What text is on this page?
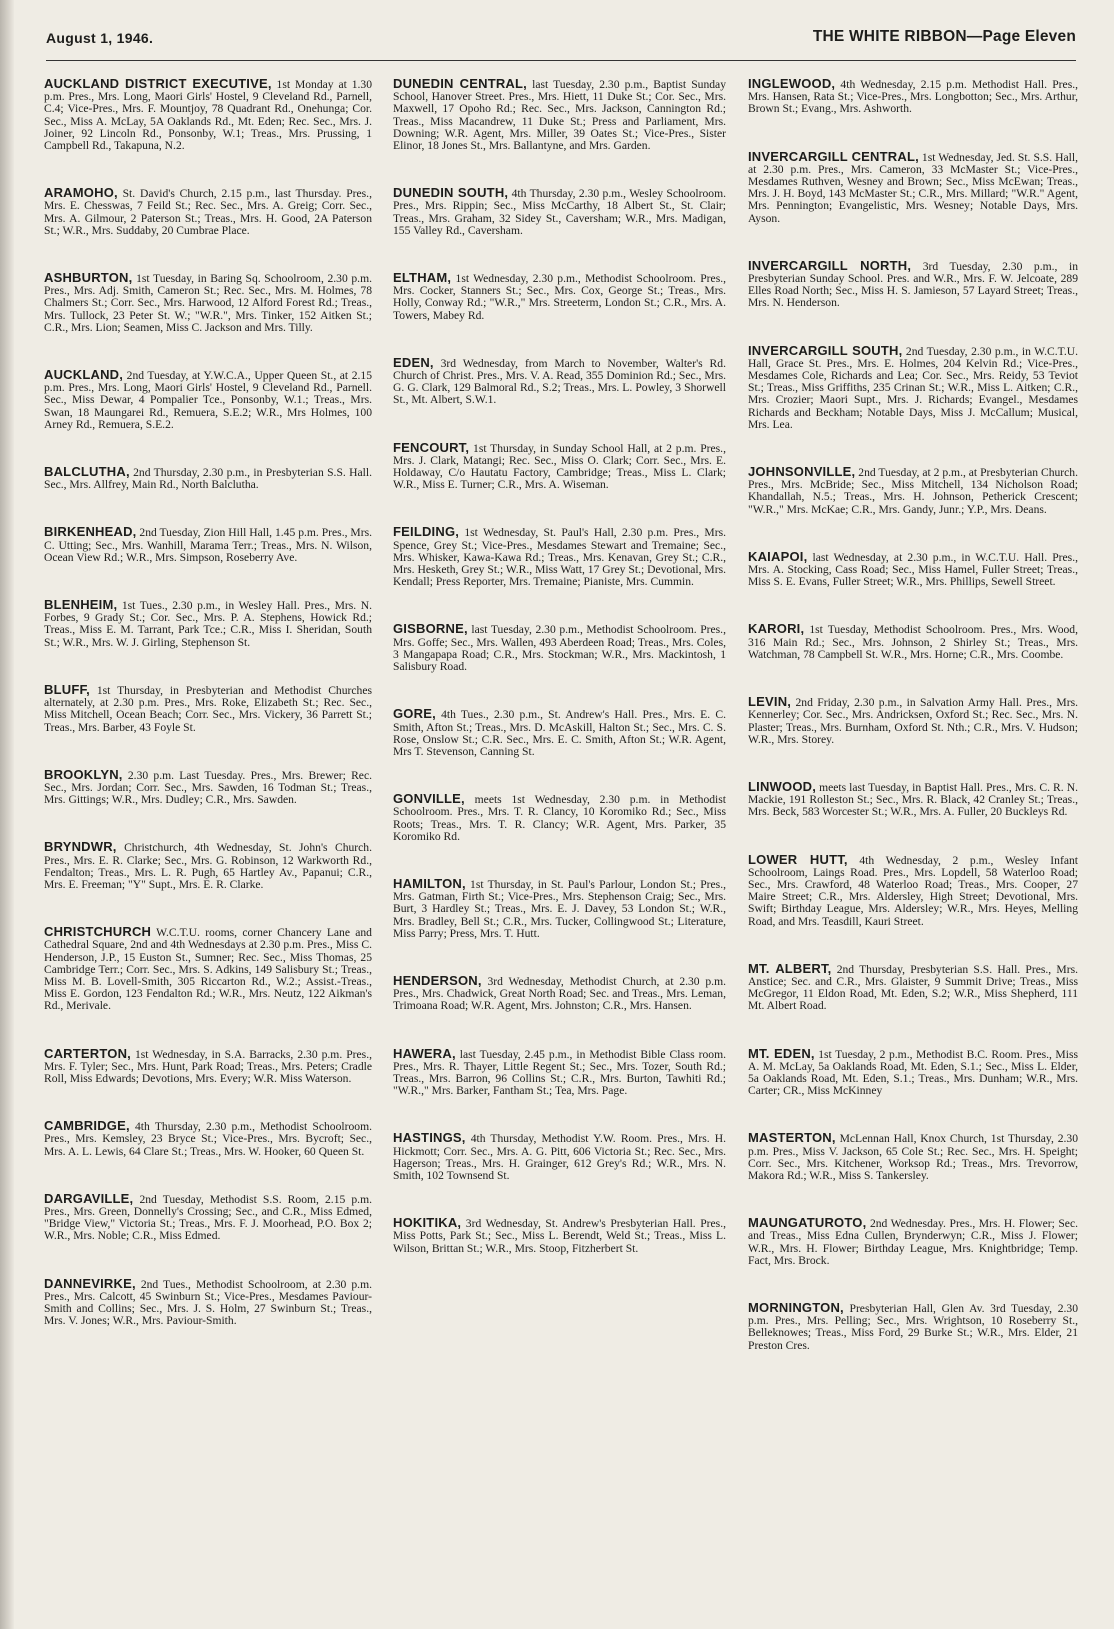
August 1, 1946.	THE WHITE RIBBON—Page Eleven

AUCKLAND DISTRICT EXECUTIVE, 1st Monday at 1.30 p.m. Pres., Mrs. Long, Maori Girls' Hostel, 9 Cleveland Rd., Parnell, C.4; Vice-Pres., Mrs. F. Mountjoy, 78 Quadrant Rd., Onehunga; Cor. Sec., Miss A. McLay, 5A Oaklands Rd., Mt. Eden; Rec. Sec., Mrs. J. Joiner, 92 Lincoln Rd., Ponsonby, W.1; Treas., Mrs. Prussing, 1 Campbell Rd., Takapuna, N.2.

ARAMOHO, St. David's Church, 2.15 p.m., last Thursday. Pres., Mrs. E. Chesswas, 7 Feild St.; Rec. Sec., Mrs. A. Greig; Corr. Sec., Mrs. A. Gilmour, 2 Paterson St.; Treas., Mrs. H. Good, 2A Paterson St.; W.R., Mrs. Suddaby, 20 Cumbrae Place.

ASHBURTON, 1st Tuesday, in Baring Sq. Schoolroom, 2.30 p.m. Pres., Mrs. Adj. Smith, Cameron St.; Rec. Sec., Mrs. M. Holmes, 78 Chalmers St.; Corr. Sec., Mrs. Harwood, 12 Alford Forest Rd.; Treas., Mrs. Tullock, 23 Peter St. W.; "W.R.", Mrs. Tinker, 152 Aitken St.; C.R., Mrs. Lion; Seamen, Miss C. Jackson and Mrs. Tilly.

AUCKLAND, 2nd Tuesday, at Y.W.C.A., Upper Queen St., at 2.15 p.m. Pres., Mrs. Long, Maori Girls' Hostel, 9 Cleveland Rd., Parnell. Sec., Miss Dewar, 4 Pompalier Tce., Ponsonby, W.1.; Treas., Mrs. Swan, 18 Maungarei Rd., Remuera, S.E.2; W.R., Mrs Holmes, 100 Arney Rd., Remuera, S.E.2.

BALCLUTHA, 2nd Thursday, 2.30 p.m., in Presbyterian S.S. Hall. Sec., Mrs. Allfrey, Main Rd., North Balclutha.

BIRKENHEAD, 2nd Tuesday, Zion Hill Hall, 1.45 p.m. Pres., Mrs. C. Utting; Sec., Mrs. Wanhill, Marama Terr.; Treas., Mrs. N. Wilson, Ocean View Rd.; W.R., Mrs. Simpson, Roseberry Ave.

BLENHEIM, 1st Tues., 2.30 p.m., in Wesley Hall. Pres., Mrs. N. Forbes, 9 Grady St.; Cor. Sec., Mrs. P. A. Stephens, Howick Rd.; Treas., Miss E. M. Tarrant, Park Tce.; C.R., Miss I. Sheridan, South St.; W.R., Mrs. W. J. Girling, Stephenson St.

BLUFF, 1st Thursday, in Presbyterian and Methodist Churches alternately, at 2.30 p.m. Pres., Mrs. Roke, Elizabeth St.; Rec. Sec., Miss Mitchell, Ocean Beach; Corr. Sec., Mrs. Vickery, 36 Parrett St.; Treas., Mrs. Barber, 43 Foyle St.

BROOKLYN, 2.30 p.m. Last Tuesday. Pres., Mrs. Brewer; Rec. Sec., Mrs. Jordan; Corr. Sec., Mrs. Sawden, 16 Todman St.; Treas., Mrs. Gittings; W.R., Mrs. Dudley; C.R., Mrs. Sawden.

BRYNDWR, Christchurch, 4th Wednesday, St. John's Church. Pres., Mrs. E. R. Clarke; Sec., Mrs. G. Robinson, 12 Warkworth Rd., Fendalton; Treas., Mrs. L. R. Pugh, 65 Hartley Av., Papanui; C.R., Mrs. E. Freeman; "Y" Supt., Mrs. E. R. Clarke.

CHRISTCHURCH W.C.T.U. rooms, corner Chancery Lane and Cathedral Square, 2nd and 4th Wednesdays at 2.30 p.m. Pres., Miss C. Henderson, J.P., 15 Euston St., Sumner; Rec. Sec., Miss Thomas, 25 Cambridge Terr.; Corr. Sec., Mrs. S. Adkins, 149 Salisbury St.; Treas., Miss M. B. Lovell-Smith, 305 Riccarton Rd., W.2.; Assist.-Treas., Miss E. Gordon, 123 Fendalton Rd.; W.R., Mrs. Neutz, 122 Aikman's Rd., Merivale.

CARTERTON, 1st Wednesday, in S.A. Barracks, 2.30 p.m. Pres., Mrs. F. Tyler; Sec., Mrs. Hunt, Park Road; Treas., Mrs. Peters; Cradle Roll, Miss Edwards; Devotions, Mrs. Every; W.R. Miss Waterson.

CAMBRIDGE, 4th Thursday, 2.30 p.m., Methodist Schoolroom. Pres., Mrs. Kemsley, 23 Bryce St.; Vice-Pres., Mrs. Bycroft; Sec., Mrs. A. L. Lewis, 64 Clare St.; Treas., Mrs. W. Hooker, 60 Queen St.

DARGAVILLE, 2nd Tuesday, Methodist S.S. Room, 2.15 p.m. Pres., Mrs. Green, Donnelly's Crossing; Sec., and C.R., Miss Edmed, "Bridge View," Victoria St.; Treas., Mrs. F. J. Moorhead, P.O. Box 2; W.R., Mrs. Noble; C.R., Miss Edmed.

DANNEVIRKE, 2nd Tues., Methodist Schoolroom, at 2.30 p.m. Pres., Mrs. Calcott, 45 Swinburn St.; Vice-Pres., Mesdames Paviour-Smith and Collins; Sec., Mrs. J. S. Holm, 27 Swinburn St.; Treas., Mrs. V. Jones; W.R., Mrs. Paviour-Smith.

DUNEDIN CENTRAL, last Tuesday, 2.30 p.m., Baptist Sunday School, Hanover Street. Pres., Mrs. Hiett, 11 Duke St.; Cor. Sec., Mrs. Maxwell, 17 Opoho Rd.; Rec. Sec., Mrs. Jackson, Cannington Rd.; Treas., Miss Macandrew, 11 Duke St.; Press and Parliament, Mrs. Downing; W.R. Agent, Mrs. Miller, 39 Oates St.; Vice-Pres., Sister Elinor, 18 Jones St., Mrs. Ballantyne, and Mrs. Garden.

DUNEDIN SOUTH, 4th Thursday, 2.30 p.m., Wesley Schoolroom. Pres., Mrs. Rippin; Sec., Miss McCarthy, 18 Albert St., St. Clair; Treas., Mrs. Graham, 32 Sidey St., Caversham; W.R., Mrs. Madigan, 155 Valley Rd., Caversham.

ELTHAM, 1st Wednesday, 2.30 p.m., Methodist Schoolroom. Pres., Mrs. Cocker, Stanners St.; Sec., Mrs. Cox, George St.; Treas., Mrs. Holly, Conway Rd.; "W.R.," Mrs. Streeterm, London St.; C.R., Mrs. A. Towers, Mabey Rd.

EDEN, 3rd Wednesday, from March to November, Walter's Rd. Church of Christ. Pres., Mrs. V. A. Read, 355 Dominion Rd.; Sec., Mrs. G. G. Clark, 129 Balmoral Rd., S.2; Treas., Mrs. L. Powley, 3 Shorwell St., Mt. Albert, S.W.1.

FENCOURT, 1st Thursday, in Sunday School Hall, at 2 p.m. Pres., Mrs. J. Clark, Matangi; Rec. Sec., Miss O. Clark; Corr. Sec., Mrs. E. Holdaway, C/o Hautatu Factory, Cambridge; Treas., Miss L. Clark; W.R., Miss E. Turner; C.R., Mrs. A. Wiseman.

FEILDING, 1st Wednesday, St. Paul's Hall, 2.30 p.m. Pres., Mrs. Spence, Grey St.; Vice-Pres., Mesdames Stewart and Tremaine; Sec., Mrs. Whisker, Kawa-Kawa Rd.; Treas., Mrs. Kenavan, Grey St.; C.R., Mrs. Hesketh, Grey St.; W.R., Miss Watt, 17 Grey St.; Devotional, Mrs. Kendall; Press Reporter, Mrs. Tremaine; Pianiste, Mrs. Cummin.

GISBORNE, last Tuesday, 2.30 p.m., Methodist Schoolroom. Pres., Mrs. Goffe; Sec., Mrs. Wallen, 493 Aberdeen Road; Treas., Mrs. Coles, 3 Mangapapa Road; C.R., Mrs. Stockman; W.R., Mrs. Mackintosh, 1 Salisbury Road.

GORE, 4th Tues., 2.30 p.m., St. Andrew's Hall. Pres., Mrs. E. C. Smith, Afton St.; Treas., Mrs. D. McAskill, Halton St.; Sec., Mrs. C. S. Rose, Onslow St.; C.R. Sec., Mrs. E. C. Smith, Afton St.; W.R. Agent, Mrs T. Stevenson, Canning St.

GONVILLE, meets 1st Wednesday, 2.30 p.m. in Methodist Schoolroom. Pres., Mrs. T. R. Clancy, 10 Koromiko Rd.; Sec., Miss Roots; Treas., Mrs. T. R. Clancy; W.R. Agent, Mrs. Parker, 35 Koromiko Rd.

HAMILTON, 1st Thursday, in St. Paul's Parlour, London St.; Pres., Mrs. Gatman, Firth St.; Vice-Pres., Mrs. Stephenson Craig; Sec., Mrs. Burt, 3 Hardley St.; Treas., Mrs. E. J. Davey, 53 London St.; W.R., Mrs. Bradley, Bell St.; C.R., Mrs. Tucker, Collingwood St.; Literature, Miss Parry; Press, Mrs. T. Hutt.

HENDERSON, 3rd Wednesday, Methodist Church, at 2.30 p.m. Pres., Mrs. Chadwick, Great North Road; Sec. and Treas., Mrs. Leman, Trimoana Road; W.R. Agent, Mrs. Johnston; C.R., Mrs. Hansen.

HAWERA, last Tuesday, 2.45 p.m., in Methodist Bible Class room. Pres., Mrs. R. Thayer, Little Regent St.; Sec., Mrs. Tozer, South Rd.; Treas., Mrs. Barron, 96 Collins St.; C.R., Mrs. Burton, Tawhiti Rd.; "W.R.," Mrs. Barker, Fantham St.; Tea, Mrs. Page.

HASTINGS, 4th Thursday, Methodist Y.W. Room. Pres., Mrs. H. Hickmott; Corr. Sec., Mrs. A. G. Pitt, 606 Victoria St.; Rec. Sec., Mrs. Hagerson; Treas., Mrs. H. Grainger, 612 Grey's Rd.; W.R., Mrs. N. Smith, 102 Townsend St.

HOKITIKA, 3rd Wednesday, St. Andrew's Presbyterian Hall. Pres., Miss Potts, Park St.; Sec., Miss L. Berendt, Weld St.; Treas., Miss L. Wilson, Brittan St.; W.R., Mrs. Stoop, Fitzherbert St.

INGLEWOOD, 4th Wednesday, 2.15 p.m. Methodist Hall. Pres., Mrs. Hansen, Rata St.; Vice-Pres., Mrs. Longbotton; Sec., Mrs. Arthur, Brown St.; Evang., Mrs. Ashworth.

INVERCARGILL CENTRAL, 1st Wednesday, Jed. St. S.S. Hall, at 2.30 p.m. Pres., Mrs. Cameron, 33 McMaster St.; Vice-Pres., Mesdames Ruthven, Wesney and Brown; Sec., Miss McEwan; Treas., Mrs. J. H. Boyd, 143 McMaster St.; C.R., Mrs. Millard; "W.R." Agent, Mrs. Pennington; Evangelistic, Mrs. Wesney; Notable Days, Mrs. Ayson.

INVERCARGILL NORTH, 3rd Tuesday, 2.30 p.m., in Presbyterian Sunday School. Pres. and W.R., Mrs. F. W. Jelcoate, 289 Elles Road North; Sec., Miss H. S. Jamieson, 57 Layard Street; Treas., Mrs. N. Henderson.

INVERCARGILL SOUTH, 2nd Tuesday, 2.30 p.m., in W.C.T.U. Hall, Grace St. Pres., Mrs. E. Holmes, 204 Kelvin Rd.; Vice-Pres., Mesdames Cole, Richards and Lea; Cor. Sec., Mrs. Reidy, 53 Teviot St.; Treas., Miss Griffiths, 235 Crinan St.; W.R., Miss L. Aitken; C.R., Mrs. Crozier; Maori Supt., Mrs. J. Richards; Evangel., Mesdames Richards and Beckham; Notable Days, Miss J. McCallum; Musical, Mrs. Lea.

JOHNSONVILLE, 2nd Tuesday, at 2 p.m., at Presbyterian Church. Pres., Mrs. McBride; Sec., Miss Mitchell, 134 Nicholson Road; Khandallah, N.5.; Treas., Mrs. H. Johnson, Petherick Crescent; "W.R.," Mrs. McKae; C.R., Mrs. Gandy, Junr.; Y.P., Mrs. Deans.

KAIAPOI, last Wednesday, at 2.30 p.m., in W.C.T.U. Hall. Pres., Mrs. A. Stocking, Cass Road; Sec., Miss Hamel, Fuller Street; Treas., Miss S. E. Evans, Fuller Street; W.R., Mrs. Phillips, Sewell Street.

KARORI, 1st Tuesday, Methodist Schoolroom. Pres., Mrs. Wood, 316 Main Rd.; Sec., Mrs. Johnson, 2 Shirley St.; Treas., Mrs. Watchman, 78 Campbell St. W.R., Mrs. Horne; C.R., Mrs. Coombe.

LEVIN, 2nd Friday, 2.30 p.m., in Salvation Army Hall. Pres., Mrs. Kennerley; Cor. Sec., Mrs. Andricksen, Oxford St.; Rec. Sec., Mrs. N. Plaster; Treas., Mrs. Burnham, Oxford St. Nth.; C.R., Mrs. V. Hudson; W.R., Mrs. Storey.

LINWOOD, meets last Tuesday, in Baptist Hall. Pres., Mrs. C. R. N. Mackie, 191 Rolleston St.; Sec., Mrs. R. Black, 42 Cranley St.; Treas., Mrs. Beck, 583 Worcester St.; W.R., Mrs. A. Fuller, 20 Buckleys Rd.

LOWER HUTT, 4th Wednesday, 2 p.m., Wesley Infant Schoolroom, Laings Road. Pres., Mrs. Lopdell, 58 Waterloo Road; Sec., Mrs. Crawford, 48 Waterloo Road; Treas., Mrs. Cooper, 27 Maire Street; C.R., Mrs. Aldersley, High Street; Devotional, Mrs. Swift; Birthday League, Mrs. Aldersley; W.R., Mrs. Heyes, Melling Road, and Mrs. Teasdill, Kauri Street.

MT. ALBERT, 2nd Thursday, Presbyterian S.S. Hall. Pres., Mrs. Anstice; Sec. and C.R., Mrs. Glaister, 9 Summit Drive; Treas., Miss McGregor, 11 Eldon Road, Mt. Eden, S.2; W.R., Miss Shepherd, 111 Mt. Albert Road.

MT. EDEN, 1st Tuesday, 2 p.m., Methodist B.C. Room. Pres., Miss A. M. McLay, 5a Oaklands Road, Mt. Eden, S.1.; Sec., Miss L. Elder, 5a Oaklands Road, Mt. Eden, S.1.; Treas., Mrs. Dunham; W.R., Mrs. Carter; CR., Miss McKinney

MASTERTON, McLennan Hall, Knox Church, 1st Thursday, 2.30 p.m. Pres., Miss V. Jackson, 65 Cole St.; Rec. Sec., Mrs. H. Speight; Corr. Sec., Mrs. Kitchener, Worksop Rd.; Treas., Mrs. Trevorrow, Makora Rd.; W.R., Miss S. Tankersley.

MAUNGATUROTO, 2nd Wednesday. Pres., Mrs. H. Flower; Sec. and Treas., Miss Edna Cullen, Brynderwyn; C.R., Miss J. Flower; W.R., Mrs. H. Flower; Birthday League, Mrs. Knightbridge; Temp. Fact, Mrs. Brock.

MORNINGTON, Presbyterian Hall, Glen Av. 3rd Tuesday, 2.30 p.m. Pres., Mrs. Pelling; Sec., Mrs. Wrightson, 10 Roseberry St., Belleknowes; Treas., Miss Ford, 29 Burke St.; W.R., Mrs. Elder, 21 Preston Cres.
